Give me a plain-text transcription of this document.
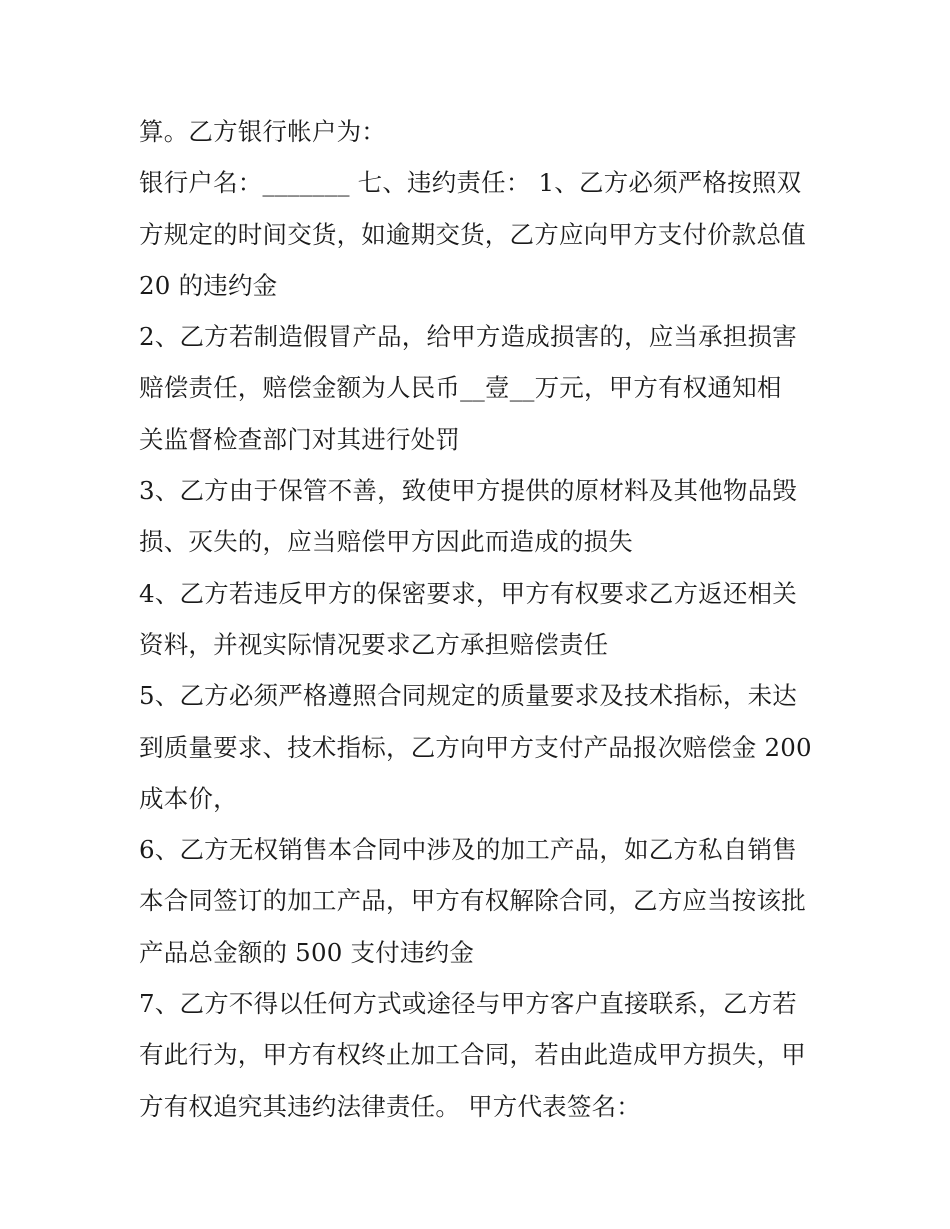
算。乙方银行帐户为：
银行户名：_______ 七、违约责任： 1、乙方必须严格按照双
方规定的时间交货，如逾期交货，乙方应向甲方支付价款总值
20 的违约金
2、乙方若制造假冒产品，给甲方造成损害的，应当承担损害
赔偿责任，赔偿金额为人民币__壹__万元，甲方有权通知相
关监督检查部门对其进行处罚
3、乙方由于保管不善，致使甲方提供的原材料及其他物品毁
损、灭失的，应当赔偿甲方因此而造成的损失
4、乙方若违反甲方的保密要求，甲方有权要求乙方返还相关
资料，并视实际情况要求乙方承担赔偿责任
5、乙方必须严格遵照合同规定的质量要求及技术指标，未达
到质量要求、技术指标，乙方向甲方支付产品报次赔偿金 200
成本价，
6、乙方无权销售本合同中涉及的加工产品，如乙方私自销售
本合同签订的加工产品，甲方有权解除合同，乙方应当按该批
产品总金额的 500 支付违约金
7、乙方不得以任何方式或途径与甲方客户直接联系，乙方若
有此行为，甲方有权终止加工合同，若由此造成甲方损失，甲
方有权追究其违约法律责任。 甲方代表签名：
